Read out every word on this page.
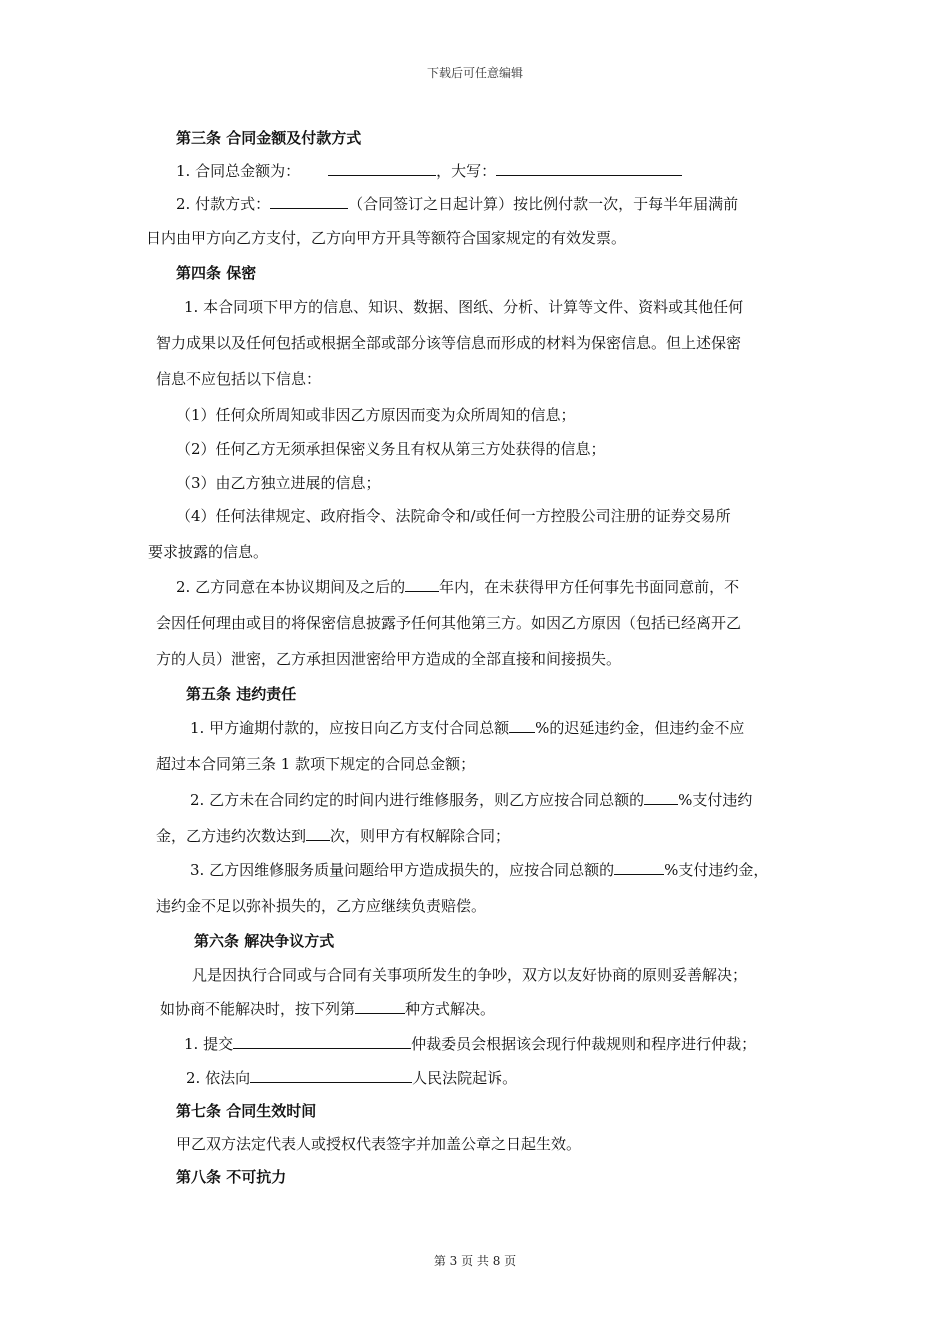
下载后可任意编辑
第三条 合同金额及付款方式
1. 合同总金额为：	，大写：
2. 付款方式：	（合同签订之日起计算）按比例付款一次，于每半年届满前
日内由甲方向乙方支付，乙方向甲方开具等额符合国家规定的有效发票。
第四条 保密
1. 本合同项下甲方的信息、知识、数据、图纸、分析、计算等文件、资料或其他任何
智力成果以及任何包括或根据全部或部分该等信息而形成的材料为保密信息。但上述保密
信息不应包括以下信息：
（1）任何众所周知或非因乙方原因而变为众所周知的信息；
（2）任何乙方无须承担保密义务且有权从第三方处获得的信息；
（3）由乙方独立进展的信息；
（4）任何法律规定、政府指令、法院命令和/或任何一方控股公司注册的证券交易所
要求披露的信息。
2. 乙方同意在本协议期间及之后的 年内，在未获得甲方任何事先书面同意前，不
会因任何理由或目的将保密信息披露予任何其他第三方。如因乙方原因（包括已经离开乙
方的人员）泄密，乙方承担因泄密给甲方造成的全部直接和间接损失。
第五条 违约责任
1. 甲方逾期付款的，应按日向乙方支付合同总额 %的迟延违约金，但违约金不应
超过本合同第三条 1 款项下规定的合同总金额；
2. 乙方未在合同约定的时间内进行维修服务，则乙方应按合同总额的 %支付违约
金，乙方违约次数达到 次，则甲方有权解除合同；
3. 乙方因维修服务质量问题给甲方造成损失的，应按合同总额的	%支付违约金，
违约金不足以弥补损失的，乙方应继续负责赔偿。
第六条 解决争议方式
凡是因执行合同或与合同有关事项所发生的争吵，双方以友好协商的原则妥善解决；
如协商不能解决时，按下列第	种方式解决。
1. 提交	仲裁委员会根据该会现行仲裁规则和程序进行仲裁；
2. 依法向	人民法院起诉。
第七条 合同生效时间
甲乙双方法定代表人或授权代表签字并加盖公章之日起生效。
第八条 不可抗力
第 3 页 共 8 页
